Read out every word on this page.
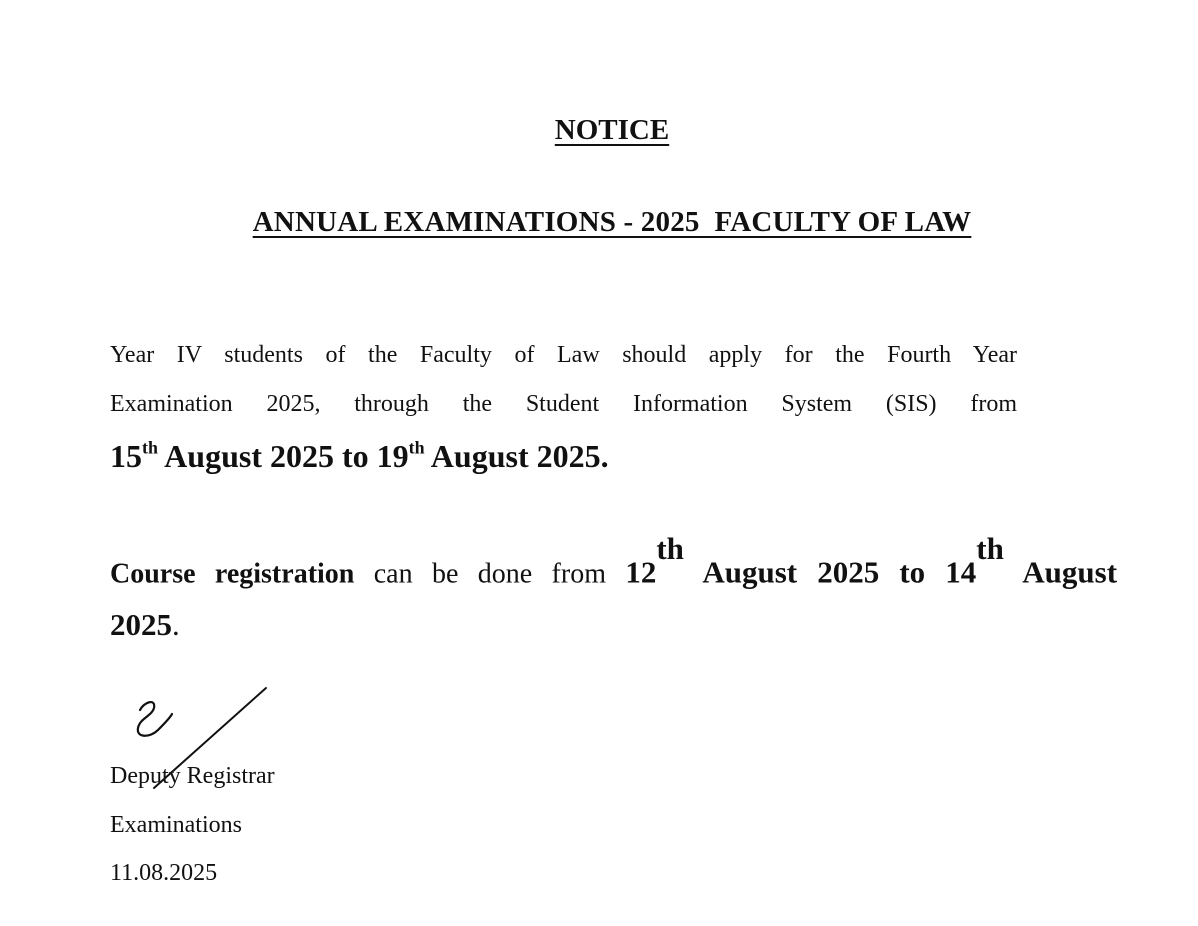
NOTICE
ANNUAL EXAMINATIONS - 2025  FACULTY OF LAW
Year IV students of the Faculty of Law should apply for the Fourth Year
Examination 2025, through the Student Information System (SIS) from
15th August 2025 to 19th August 2025.
Course registration can be done from 12th August 2025 to 14th August
2025.
Deputy Registrar
Examinations
11.08.2025
